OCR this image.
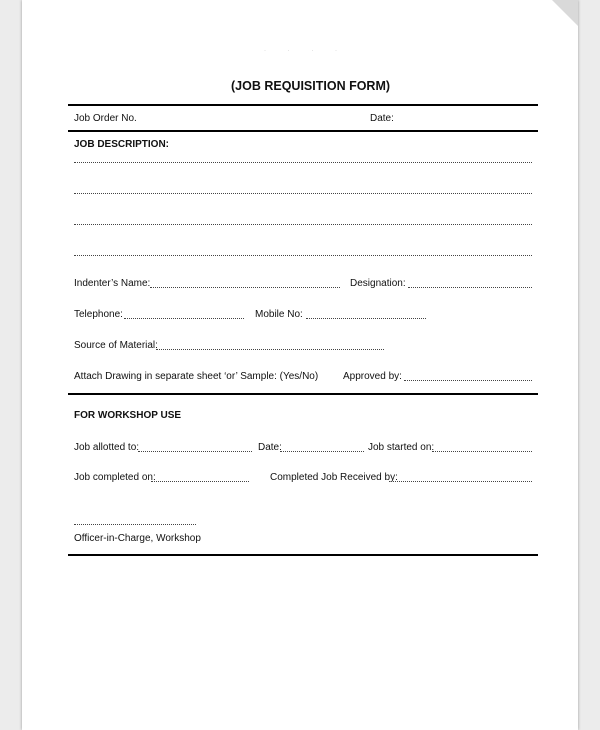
· · · ·
(JOB REQUISITION FORM)
Job Order No.	Date:
JOB DESCRIPTION:
Indenter’s Name:	Designation:
Telephone:	Mobile No:
Source of Material:
Attach Drawing in separate sheet ‘or’ Sample: (Yes/No) Approved by:
FOR WORKSHOP USE
Job allotted to:	Date:	Job started on:
Job completed on:	Completed Job Received by:
Officer-in-Charge, Workshop
